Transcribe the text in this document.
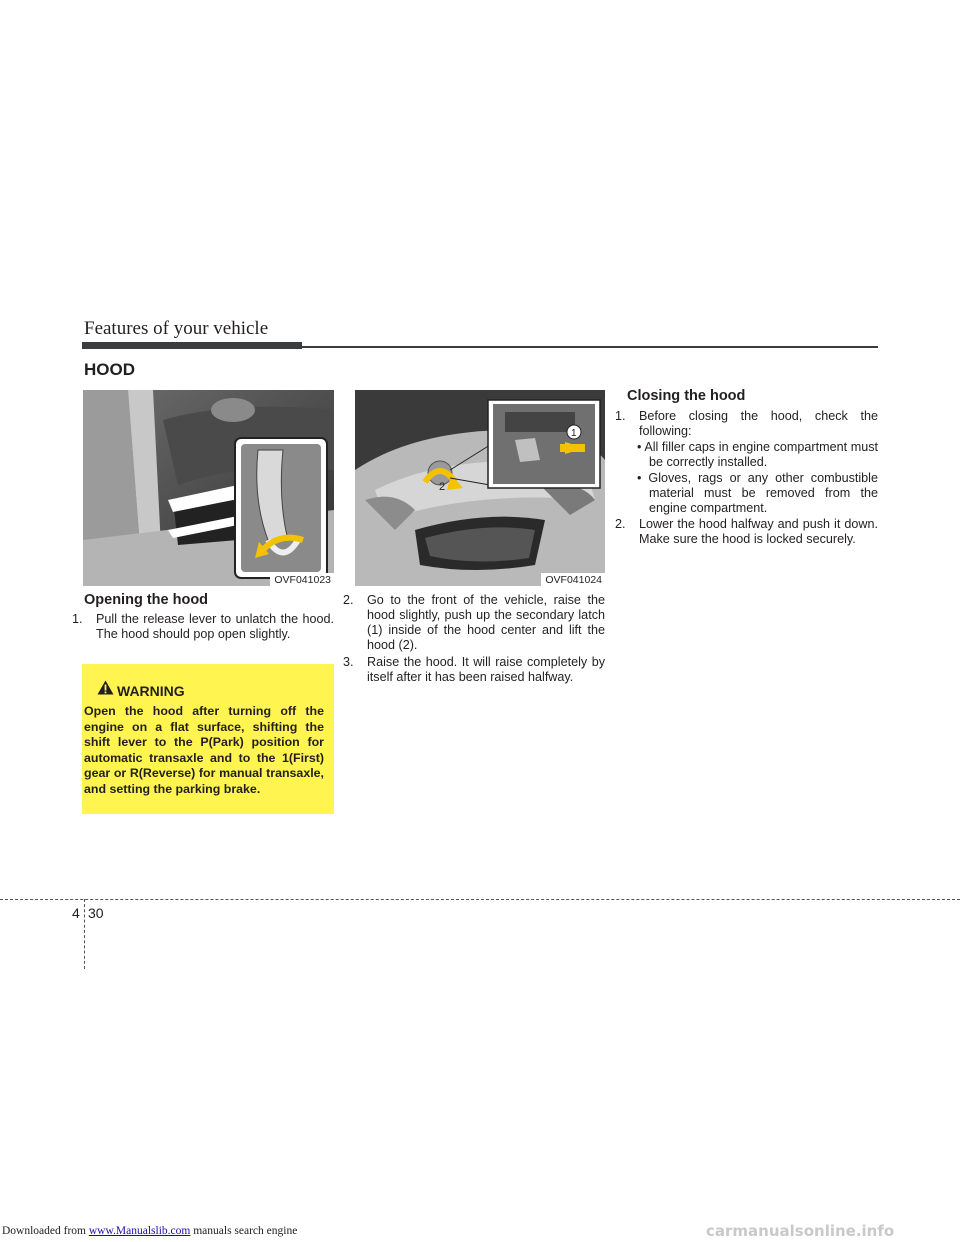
Features of your vehicle
HOOD
OVF041023
2
1
OVF041024
Opening the hood

1. Pull the release lever to unlatch the hood. The hood should pop open slightly.

2. Go to the front of the vehicle, raise the hood slightly, push up the secondary latch (1) inside of the hood center and lift the hood (2).

3. Raise the hood. It will raise completely by itself after it has been raised halfway.

WARNING
Open the hood after turning off the engine on a flat surface, shifting the shift lever to the P(Park) position for automatic transaxle and to the 1(First) gear or R(Reverse) for manual transaxle, and setting the parking brake.
Closing the hood

1. Before closing the hood, check the following:

• All filler caps in engine compartment must be correctly installed.

• Gloves, rags or any other combustible material must be removed from the engine compartment.

2. Lower the hood halfway and push it down. Make sure the hood is locked securely.

4 30
Downloaded from www.Manualslib.com manuals search engine	carmanualsonline.info
